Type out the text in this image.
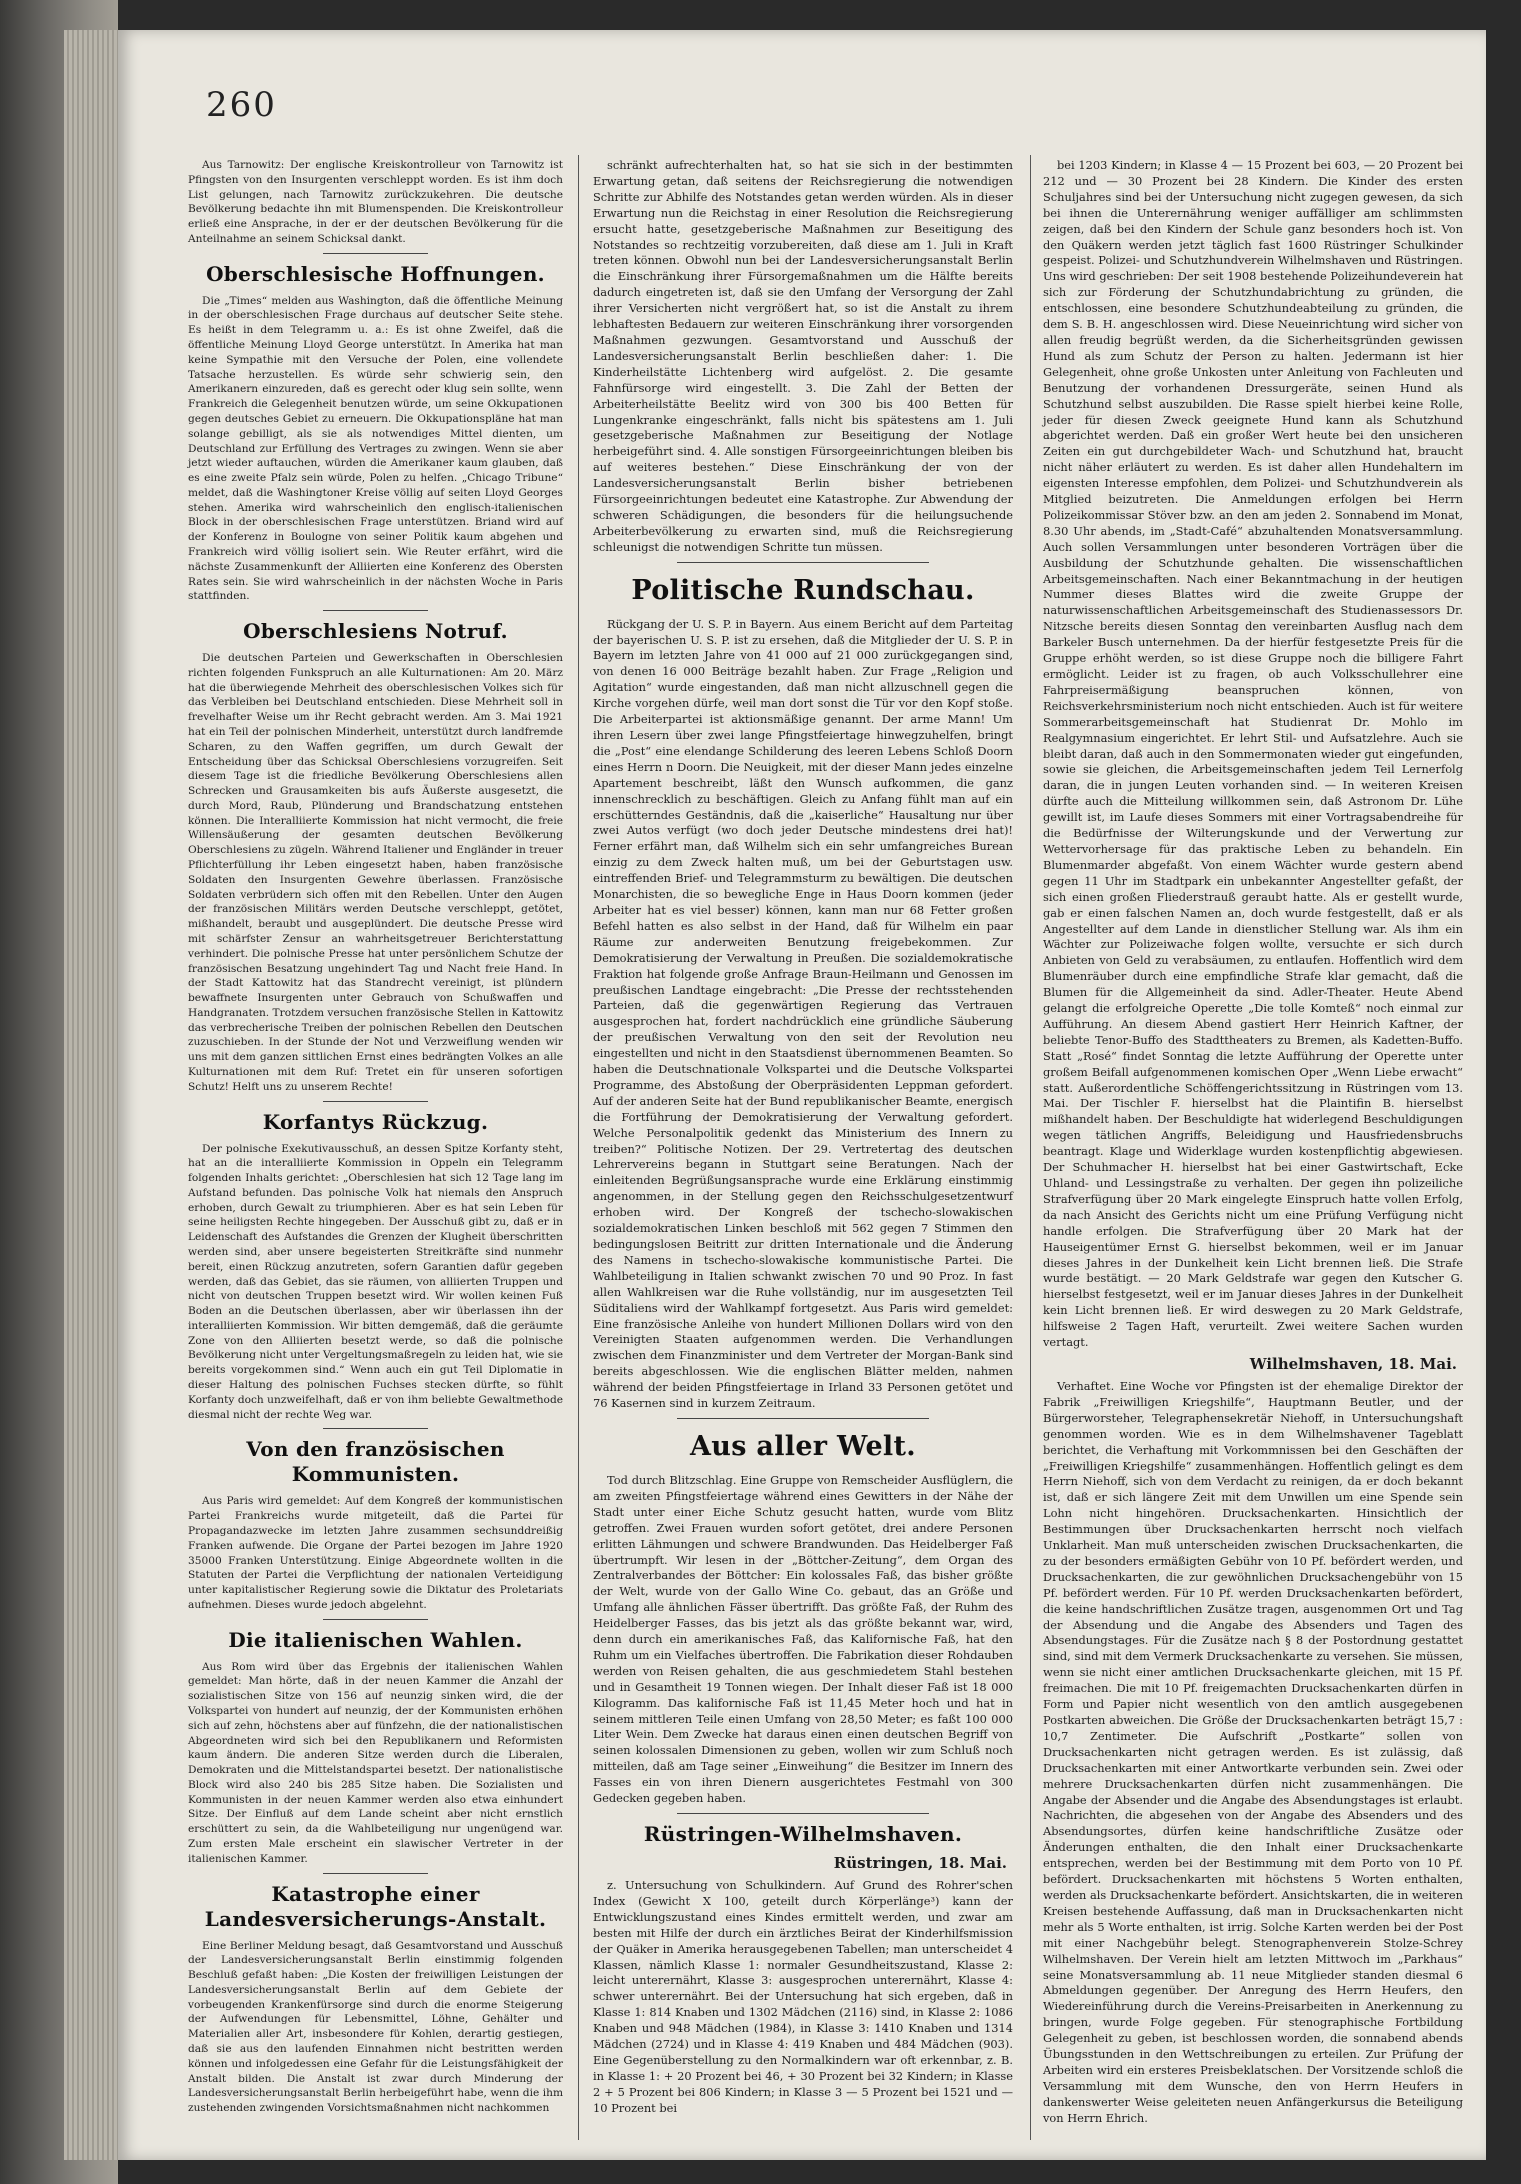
260

Aus Tarnowitz: Der englische Kreiskontrolleur von Tarnowitz ist Pfingsten von den Insurgenten verschleppt worden. Es ist ihm doch List gelungen, nach Tarnowitz zurückzukehren. Die deutsche Bevölkerung bedachte ihn mit Blumenspenden. Die Kreiskontrolleur erließ eine Ansprache, in der er der deutschen Bevölkerung für die Anteilnahme an seinem Schicksal dankt.

Oberschlesische Hoffnungen.

Die „Times“ melden aus Washington, daß die öffentliche Meinung in der oberschlesischen Frage durchaus auf deutscher Seite stehe. Es heißt in dem Telegramm u. a.: Es ist ohne Zweifel, daß die öffentliche Meinung Lloyd George unterstützt. In Amerika hat man keine Sympathie mit den Versuche der Polen, eine vollendete Tatsache herzustellen. Es würde sehr schwierig sein, den Amerikanern einzureden, daß es gerecht oder klug sein sollte, wenn Frankreich die Gelegenheit benutzen würde, um seine Okkupationen gegen deutsches Gebiet zu erneuern. Die Okkupationspläne hat man solange gebilligt, als sie als notwendiges Mittel dienten, um Deutschland zur Erfüllung des Vertrages zu zwingen. Wenn sie aber jetzt wieder auftauchen, würden die Amerikaner kaum glauben, daß es eine zweite Pfalz sein würde, Polen zu helfen. „Chicago Tribune“ meldet, daß die Washingtoner Kreise völlig auf seiten Lloyd Georges stehen. Amerika wird wahrscheinlich den englisch-italienischen Block in der oberschlesischen Frage unterstützen. Briand wird auf der Konferenz in Boulogne von seiner Politik kaum abgehen und Frankreich wird völlig isoliert sein. Wie Reuter erfährt, wird die nächste Zusammenkunft der Alliierten eine Konferenz des Obersten Rates sein. Sie wird wahrscheinlich in der nächsten Woche in Paris stattfinden.

Oberschlesiens Notruf.

Die deutschen Parteien und Gewerkschaften in Oberschlesien richten folgenden Funkspruch an alle Kulturnationen: Am 20. März hat die überwiegende Mehrheit des oberschlesischen Volkes sich für das Verbleiben bei Deutschland entschieden. Diese Mehrheit soll in frevelhafter Weise um ihr Recht gebracht werden. Am 3. Mai 1921 hat ein Teil der polnischen Minderheit, unterstützt durch landfremde Scharen, zu den Waffen gegriffen, um durch Gewalt der Entscheidung über das Schicksal Oberschlesiens vorzugreifen. Seit diesem Tage ist die friedliche Bevölkerung Oberschlesiens allen Schrecken und Grausamkeiten bis aufs Äußerste ausgesetzt, die durch Mord, Raub, Plünderung und Brandschatzung entstehen können. Die Interalliierte Kommission hat nicht vermocht, die freie Willensäußerung der gesamten deutschen Bevölkerung Oberschlesiens zu zügeln. Während Italiener und Engländer in treuer Pflichterfüllung ihr Leben eingesetzt haben, haben französische Soldaten den Insurgenten Gewehre überlassen. Französische Soldaten verbrüdern sich offen mit den Rebellen. Unter den Augen der französischen Militärs werden Deutsche verschleppt, getötet, mißhandelt, beraubt und ausgeplündert. Die deutsche Presse wird mit schärfster Zensur an wahrheitsgetreuer Berichterstattung verhindert. Die polnische Presse hat unter persönlichem Schutze der französischen Besatzung ungehindert Tag und Nacht freie Hand. In der Stadt Kattowitz hat das Standrecht vereinigt, ist plündern bewaffnete Insurgenten unter Gebrauch von Schußwaffen und Handgranaten. Trotzdem versuchen französische Stellen in Kattowitz das verbrecherische Treiben der polnischen Rebellen den Deutschen zuzuschieben. In der Stunde der Not und Verzweiflung wenden wir uns mit dem ganzen sittlichen Ernst eines bedrängten Volkes an alle Kulturnationen mit dem Ruf: Tretet ein für unseren sofortigen Schutz! Helft uns zu unserem Rechte!

Korfantys Rückzug.

Der polnische Exekutivausschuß, an dessen Spitze Korfanty steht, hat an die interalliierte Kommission in Oppeln ein Telegramm folgenden Inhalts gerichtet: „Oberschlesien hat sich 12 Tage lang im Aufstand befunden. Das polnische Volk hat niemals den Anspruch erhoben, durch Gewalt zu triumphieren. Aber es hat sein Leben für seine heiligsten Rechte hingegeben. Der Ausschuß gibt zu, daß er in Leidenschaft des Aufstandes die Grenzen der Klugheit überschritten werden sind, aber unsere begeisterten Streitkräfte sind nunmehr bereit, einen Rückzug anzutreten, sofern Garantien dafür gegeben werden, daß das Gebiet, das sie räumen, von alliierten Truppen und nicht von deutschen Truppen besetzt wird. Wir wollen keinen Fuß Boden an die Deutschen überlassen, aber wir überlassen ihn der interalliierten Kommission. Wir bitten demgemäß, daß die geräumte Zone von den Alliierten besetzt werde, so daß die polnische Bevölkerung nicht unter Vergeltungsmaßregeln zu leiden hat, wie sie bereits vorgekommen sind.“ Wenn auch ein gut Teil Diplomatie in dieser Haltung des polnischen Fuchses stecken dürfte, so fühlt Korfanty doch unzweifelhaft, daß er von ihm beliebte Gewaltmethode diesmal nicht der rechte Weg war.

Von den französischen Kommunisten.

Aus Paris wird gemeldet: Auf dem Kongreß der kommunistischen Partei Frankreichs wurde mitgeteilt, daß die Partei für Propagandazwecke im letzten Jahre zusammen sechsunddreißig Franken aufwende. Die Organe der Partei bezogen im Jahre 1920 35000 Franken Unterstützung. Einige Abgeordnete wollten in die Statuten der Partei die Verpflichtung der nationalen Verteidigung unter kapitalistischer Regierung sowie die Diktatur des Proletariats aufnehmen. Dieses wurde jedoch abgelehnt.

Die italienischen Wahlen.

Aus Rom wird über das Ergebnis der italienischen Wahlen gemeldet: Man hörte, daß in der neuen Kammer die Anzahl der sozialistischen Sitze von 156 auf neunzig sinken wird, die der Volkspartei von hundert auf neunzig, der der Kommunisten erhöhen sich auf zehn, höchstens aber auf fünfzehn, die der nationalistischen Abgeordneten wird sich bei den Republikanern und Reformisten kaum ändern. Die anderen Sitze werden durch die Liberalen, Demokraten und die Mittelstandspartei besetzt. Der nationalistische Block wird also 240 bis 285 Sitze haben. Die Sozialisten und Kommunisten in der neuen Kammer werden also etwa einhundert Sitze. Der Einfluß auf dem Lande scheint aber nicht ernstlich erschüttert zu sein, da die Wahlbeteiligung nur ungenügend war. Zum ersten Male erscheint ein slawischer Vertreter in der italienischen Kammer.

Katastrophe einer Landesversicherungs-Anstalt.

Eine Berliner Meldung besagt, daß Gesamtvorstand und Ausschuß der Landesversicherungsanstalt Berlin einstimmig folgenden Beschluß gefaßt haben: „Die Kosten der freiwilligen Leistungen der Landesversicherungsanstalt Berlin auf dem Gebiete der vorbeugenden Krankenfürsorge sind durch die enorme Steigerung der Aufwendungen für Lebensmittel, Löhne, Gehälter und Materialien aller Art, insbesondere für Kohlen, derartig gestiegen, daß sie aus den laufenden Einnahmen nicht bestritten werden können und infolgedessen eine Gefahr für die Leistungsfähigkeit der Anstalt bilden. Die Anstalt ist zwar durch Minderung der Landesversicherungsanstalt Berlin herbeigeführt habe, wenn die ihm zustehenden zwingenden Vorsichtsmaßnahmen nicht nachkommen

schränkt aufrechterhalten hat, so hat sie sich in der bestimmten Erwartung getan, daß seitens der Reichsregierung die notwendigen Schritte zur Abhilfe des Notstandes getan werden würden. Als in dieser Erwartung nun die Reichstag in einer Resolution die Reichsregierung ersucht hatte, gesetzgeberische Maßnahmen zur Beseitigung des Notstandes so rechtzeitig vorzubereiten, daß diese am 1. Juli in Kraft treten können. Obwohl nun bei der Landesversicherungsanstalt Berlin die Einschränkung ihrer Fürsorgemaßnahmen um die Hälfte bereits dadurch eingetreten ist, daß sie den Umfang der Versorgung der Zahl ihrer Versicherten nicht vergrößert hat, so ist die Anstalt zu ihrem lebhaftesten Bedauern zur weiteren Einschränkung ihrer vorsorgenden Maßnahmen gezwungen. Gesamtvorstand und Ausschuß der Landesversicherungsanstalt Berlin beschließen daher: 1. Die Kinderheilstätte Lichtenberg wird aufgelöst. 2. Die gesamte Fahnfürsorge wird eingestellt. 3. Die Zahl der Betten der Arbeiterheilstätte Beelitz wird von 300 bis 400 Betten für Lungenkranke eingeschränkt, falls nicht bis spätestens am 1. Juli gesetzgeberische Maßnahmen zur Beseitigung der Notlage herbeigeführt sind. 4. Alle sonstigen Fürsorgeeinrichtungen bleiben bis auf weiteres bestehen.“ Diese Einschränkung der von der Landesversicherungsanstalt Berlin bisher betriebenen Fürsorgeeinrichtungen bedeutet eine Katastrophe. Zur Abwendung der schweren Schädigungen, die besonders für die heilungsuchende Arbeiterbevölkerung zu erwarten sind, muß die Reichsregierung schleunigst die notwendigen Schritte tun müssen.

Politische Rundschau.

Rückgang der U. S. P. in Bayern. Aus einem Bericht auf dem Parteitag der bayerischen U. S. P. ist zu ersehen, daß die Mitglieder der U. S. P. in Bayern im letzten Jahre von 41 000 auf 21 000 zurückgegangen sind, von denen 16 000 Beiträge bezahlt haben. Zur Frage „Religion und Agitation“ wurde eingestanden, daß man nicht allzuschnell gegen die Kirche vorgehen dürfe, weil man dort sonst die Tür vor den Kopf stoße. Die Arbeiterpartei ist aktionsmäßige genannt. Der arme Mann! Um ihren Lesern über zwei lange Pfingstfeiertage hinwegzuhelfen, bringt die „Post“ eine elendange Schilderung des leeren Lebens Schloß Doorn eines Herrn n Doorn. Die Neuigkeit, mit der dieser Mann jedes einzelne Apartement beschreibt, läßt den Wunsch aufkommen, die ganz innenschrecklich zu beschäftigen. Gleich zu Anfang fühlt man auf ein erschütterndes Geständnis, daß die „kaiserliche“ Hausaltung nur über zwei Autos verfügt (wo doch jeder Deutsche mindestens drei hat)! Ferner erfährt man, daß Wilhelm sich ein sehr umfangreiches Burean einzig zu dem Zweck halten muß, um bei der Geburtstagen usw. eintreffenden Brief- und Telegrammsturm zu bewältigen. Die deutschen Monarchisten, die so bewegliche Enge in Haus Doorn kommen (jeder Arbeiter hat es viel besser) können, kann man nur 68 Fetter großen Befehl hatten es also selbst in der Hand, daß für Wilhelm ein paar Räume zur anderweiten Benutzung freigebekommen. Zur Demokratisierung der Verwaltung in Preußen. Die sozialdemokratische Fraktion hat folgende große Anfrage Braun-Heilmann und Genossen im preußischen Landtage eingebracht: „Die Presse der rechtsstehenden Parteien, daß die gegenwärtigen Regierung das Vertrauen ausgesprochen hat, fordert nachdrücklich eine gründliche Säuberung der preußischen Verwaltung von den seit der Revolution neu eingestellten und nicht in den Staatsdienst übernommenen Beamten. So haben die Deutschnationale Volkspartei und die Deutsche Volkspartei Programme, des Abstoßung der Oberpräsidenten Leppman gefordert. Auf der anderen Seite hat der Bund republikanischer Beamte, energisch die Fortführung der Demokratisierung der Verwaltung gefordert. Welche Personalpolitik gedenkt das Ministerium des Innern zu treiben?“ Politische Notizen. Der 29. Vertretertag des deutschen Lehrervereins begann in Stuttgart seine Beratungen. Nach der einleitenden Begrüßungsansprache wurde eine Erklärung einstimmig angenommen, in der Stellung gegen den Reichsschulgesetzentwurf erhoben wird. Der Kongreß der tschecho-slowakischen sozialdemokratischen Linken beschloß mit 562 gegen 7 Stimmen den bedingungslosen Beitritt zur dritten Internationale und die Änderung des Namens in tschecho-slowakische kommunistische Partei. Die Wahlbeteiligung in Italien schwankt zwischen 70 und 90 Proz. In fast allen Wahlkreisen war die Ruhe vollständig, nur im ausgesetzten Teil Süditaliens wird der Wahlkampf fortgesetzt. Aus Paris wird gemeldet: Eine französische Anleihe von hundert Millionen Dollars wird von den Vereinigten Staaten aufgenommen werden. Die Verhandlungen zwischen dem Finanzminister und dem Vertreter der Morgan-Bank sind bereits abgeschlossen. Wie die englischen Blätter melden, nahmen während der beiden Pfingstfeiertage in Irland 33 Personen getötet und 76 Kasernen sind in kurzem Zeitraum.

Aus aller Welt.

Tod durch Blitzschlag. Eine Gruppe von Remscheider Ausflüglern, die am zweiten Pfingstfeiertage während eines Gewitters in der Nähe der Stadt unter einer Eiche Schutz gesucht hatten, wurde vom Blitz getroffen. Zwei Frauen wurden sofort getötet, drei andere Personen erlitten Lähmungen und schwere Brandwunden. Das Heidelberger Faß übertrumpft. Wir lesen in der „Böttcher-Zeitung“, dem Organ des Zentralverbandes der Böttcher: Ein kolossales Faß, das bisher größte der Welt, wurde von der Gallo Wine Co. gebaut, das an Größe und Umfang alle ähnlichen Fässer übertrifft. Das größte Faß, der Ruhm des Heidelberger Fasses, das bis jetzt als das größte bekannt war, wird, denn durch ein amerikanisches Faß, das Kalifornische Faß, hat den Ruhm um ein Vielfaches übertroffen. Die Fabrikation dieser Rohdauben werden von Reisen gehalten, die aus geschmiedetem Stahl bestehen und in Gesamtheit 19 Tonnen wiegen. Der Inhalt dieser Faß ist 18 000 Kilogramm. Das kalifornische Faß ist 11,45 Meter hoch und hat in seinem mittleren Teile einen Umfang von 28,50 Meter; es faßt 100 000 Liter Wein. Dem Zwecke hat daraus einen einen deutschen Begriff von seinen kolossalen Dimensionen zu geben, wollen wir zum Schluß noch mitteilen, daß am Tage seiner „Einweihung“ die Besitzer im Innern des Fasses ein von ihren Dienern ausgerichtetes Festmahl von 300 Gedecken gegeben haben.

Rüstringen-Wilhelmshaven.
Rüstringen, 18. Mai.

z. Untersuchung von Schulkindern. Auf Grund des Rohrer'schen Index (Gewicht X 100, geteilt durch Körperlänge³) kann der Entwicklungszustand eines Kindes ermittelt werden, und zwar am besten mit Hilfe der durch ein ärztliches Beirat der Kinderhilfsmission der Quäker in Amerika herausgegebenen Tabellen; man unterscheidet 4 Klassen, nämlich Klasse 1: normaler Gesundheitszustand, Klasse 2: leicht unterernährt, Klasse 3: ausgesprochen unterernährt, Klasse 4: schwer unterernährt. Bei der Untersuchung hat sich ergeben, daß in Klasse 1: 814 Knaben und 1302 Mädchen (2116) sind, in Klasse 2: 1086 Knaben und 948 Mädchen (1984), in Klasse 3: 1410 Knaben und 1314 Mädchen (2724) und in Klasse 4: 419 Knaben und 484 Mädchen (903). Eine Gegenüberstellung zu den Normalkindern war oft erkennbar, z. B. in Klasse 1: + 20 Prozent bei 46, + 30 Prozent bei 32 Kindern; in Klasse 2 + 5 Prozent bei 806 Kindern; in Klasse 3 — 5 Prozent bei 1521 und — 10 Prozent bei

bei 1203 Kindern; in Klasse 4 — 15 Prozent bei 603, — 20 Prozent bei 212 und — 30 Prozent bei 28 Kindern. Die Kinder des ersten Schuljahres sind bei der Untersuchung nicht zugegen gewesen, da sich bei ihnen die Unterernährung weniger auffälliger am schlimmsten zeigen, daß bei den Kindern der Schule ganz besonders hoch ist. Von den Quäkern werden jetzt täglich fast 1600 Rüstringer Schulkinder gespeist. Polizei- und Schutzhundverein Wilhelmshaven und Rüstringen. Uns wird geschrieben: Der seit 1908 bestehende Polizeihundeverein hat sich zur Förderung der Schutzhundabrichtung zu gründen, die entschlossen, eine besondere Schutzhundeabteilung zu gründen, die dem S. B. H. angeschlossen wird. Diese Neueinrichtung wird sicher von allen freudig begrüßt werden, da die Sicherheitsgründen gewissen Hund als zum Schutz der Person zu halten. Jedermann ist hier Gelegenheit, ohne große Unkosten unter Anleitung von Fachleuten und Benutzung der vorhandenen Dressurgeräte, seinen Hund als Schutzhund selbst auszubilden. Die Rasse spielt hierbei keine Rolle, jeder für diesen Zweck geeignete Hund kann als Schutzhund abgerichtet werden. Daß ein großer Wert heute bei den unsicheren Zeiten ein gut durchgebildeter Wach- und Schutzhund hat, braucht nicht näher erläutert zu werden. Es ist daher allen Hundehaltern im eigensten Interesse empfohlen, dem Polizei- und Schutzhundverein als Mitglied beizutreten. Die Anmeldungen erfolgen bei Herrn Polizeikommissar Stöver bzw. an den am jeden 2. Sonnabend im Monat, 8.30 Uhr abends, im „Stadt-Café“ abzuhaltenden Monatsversammlung. Auch sollen Versammlungen unter besonderen Vorträgen über die Ausbildung der Schutzhunde gehalten. Die wissenschaftlichen Arbeitsgemeinschaften. Nach einer Bekanntmachung in der heutigen Nummer dieses Blattes wird die zweite Gruppe der naturwissenschaftlichen Arbeitsgemeinschaft des Studienassessors Dr. Nitzsche bereits diesen Sonntag den vereinbarten Ausflug nach dem Barkeler Busch unternehmen. Da der hierfür festgesetzte Preis für die Gruppe erhöht werden, so ist diese Gruppe noch die billigere Fahrt ermöglicht. Leider ist zu fragen, ob auch Volksschullehrer eine Fahrpreisermäßigung beanspruchen können, von Reichsverkehrsministerium noch nicht entschieden. Auch ist für weitere Sommerarbeitsgemeinschaft hat Studienrat Dr. Mohlo im Realgymnasium eingerichtet. Er lehrt Stil- und Aufsatzlehre. Auch sie bleibt daran, daß auch in den Sommermonaten wieder gut eingefunden, sowie sie gleichen, die Arbeitsgemeinschaften jedem Teil Lernerfolg daran, die in jungen Leuten vorhanden sind. — In weiteren Kreisen dürfte auch die Mitteilung willkommen sein, daß Astronom Dr. Lühe gewillt ist, im Laufe dieses Sommers mit einer Vortragsabendreihe für die Bedürfnisse der Wilterungskunde und der Verwertung zur Wettervorhersage für das praktische Leben zu behandeln. Ein Blumenmarder abgefaßt. Von einem Wächter wurde gestern abend gegen 11 Uhr im Stadtpark ein unbekannter Angestellter gefaßt, der sich einen großen Fliederstrauß geraubt hatte. Als er gestellt wurde, gab er einen falschen Namen an, doch wurde festgestellt, daß er als Angestellter auf dem Lande in dienstlicher Stellung war. Als ihm ein Wächter zur Polizeiwache folgen wollte, versuchte er sich durch Anbieten von Geld zu verabsäumen, zu entlaufen. Hoffentlich wird dem Blumenräuber durch eine empfindliche Strafe klar gemacht, daß die Blumen für die Allgemeinheit da sind. Adler-Theater. Heute Abend gelangt die erfolgreiche Operette „Die tolle Komteß“ noch einmal zur Aufführung. An diesem Abend gastiert Herr Heinrich Kaftner, der beliebte Tenor-Buffo des Stadttheaters zu Bremen, als Kadetten-Buffo. Statt „Rosé“ findet Sonntag die letzte Aufführung der Operette unter großem Beifall aufgenommenen komischen Oper „Wenn Liebe erwacht“ statt. Außerordentliche Schöffengerichtssitzung in Rüstringen vom 13. Mai. Der Tischler F. hierselbst hat die Plaintifin B. hierselbst mißhandelt haben. Der Beschuldigte hat widerlegend Beschuldigungen wegen tätlichen Angriffs, Beleidigung und Hausfriedensbruchs beantragt. Klage und Widerklage wurden kostenpflichtig abgewiesen. Der Schuhmacher H. hierselbst hat bei einer Gastwirtschaft, Ecke Uhland- und Lessingstraße zu verhalten. Der gegen ihn polizeiliche Strafverfügung über 20 Mark eingelegte Einspruch hatte vollen Erfolg, da nach Ansicht des Gerichts nicht um eine Prüfung Verfügung nicht handle erfolgen. Die Strafverfügung über 20 Mark hat der Hauseigentümer Ernst G. hierselbst bekommen, weil er im Januar dieses Jahres in der Dunkelheit kein Licht brennen ließ. Die Strafe wurde bestätigt. — 20 Mark Geldstrafe war gegen den Kutscher G. hierselbst festgesetzt, weil er im Januar dieses Jahres in der Dunkelheit kein Licht brennen ließ. Er wird deswegen zu 20 Mark Geldstrafe, hilfsweise 2 Tagen Haft, verurteilt. Zwei weitere Sachen wurden vertagt.

Wilhelmshaven, 18. Mai.

Verhaftet. Eine Woche vor Pfingsten ist der ehemalige Direktor der Fabrik „Freiwilligen Kriegshilfe“, Hauptmann Beutler, und der Bürgerworsteher, Telegraphensekretär Niehoff, in Untersuchungshaft genommen worden. Wie es in dem Wilhelmshavener Tageblatt berichtet, die Verhaftung mit Vorkommnissen bei den Geschäften der „Freiwilligen Kriegshilfe“ zusammenhängen. Hoffentlich gelingt es dem Herrn Niehoff, sich von dem Verdacht zu reinigen, da er doch bekannt ist, daß er sich längere Zeit mit dem Unwillen um eine Spende sein Lohn nicht hingehören. Drucksachenkarten. Hinsichtlich der Bestimmungen über Drucksachenkarten herrscht noch vielfach Unklarheit. Man muß unterscheiden zwischen Drucksachenkarten, die zu der besonders ermäßigten Gebühr von 10 Pf. befördert werden, und Drucksachenkarten, die zur gewöhnlichen Drucksachengebühr von 15 Pf. befördert werden. Für 10 Pf. werden Drucksachenkarten befördert, die keine handschriftlichen Zusätze tragen, ausgenommen Ort und Tag der Absendung und die Angabe des Absenders und Tagen des Absendungstages. Für die Zusätze nach § 8 der Postordnung gestattet sind, sind mit dem Vermerk Drucksachenkarte zu versehen. Sie müssen, wenn sie nicht einer amtlichen Drucksachenkarte gleichen, mit 15 Pf. freimachen. Die mit 10 Pf. freigemachten Drucksachenkarten dürfen in Form und Papier nicht wesentlich von den amtlich ausgegebenen Postkarten abweichen. Die Größe der Drucksachenkarten beträgt 15,7 : 10,7 Zentimeter. Die Aufschrift „Postkarte“ sollen von Drucksachenkarten nicht getragen werden. Es ist zulässig, daß Drucksachenkarten mit einer Antwortkarte verbunden sein. Zwei oder mehrere Drucksachenkarten dürfen nicht zusammenhängen. Die Angabe der Absender und die Angabe des Absendungstages ist erlaubt. Nachrichten, die abgesehen von der Angabe des Absenders und des Absendungsortes, dürfen keine handschriftliche Zusätze oder Änderungen enthalten, die den Inhalt einer Drucksachenkarte entsprechen, werden bei der Bestimmung mit dem Porto von 10 Pf. befördert. Drucksachenkarten mit höchstens 5 Worten enthalten, werden als Drucksachenkarte befördert. Ansichtskarten, die in weiteren Kreisen bestehende Auffassung, daß man in Drucksachenkarten nicht mehr als 5 Worte enthalten, ist irrig. Solche Karten werden bei der Post mit einer Nachgebühr belegt. Stenographenverein Stolze-Schrey Wilhelmshaven. Der Verein hielt am letzten Mittwoch im „Parkhaus“ seine Monatsversammlung ab. 11 neue Mitglieder standen diesmal 6 Abmeldungen gegenüber. Der Anregung des Herrn Heufers, den Wiedereinführung durch die Vereins-Preisarbeiten in Anerkennung zu bringen, wurde Folge gegeben. Für stenographische Fortbildung Gelegenheit zu geben, ist beschlossen worden, die sonnabend abends Übungsstunden in den Wettschreibungen zu erteilen. Zur Prüfung der Arbeiten wird ein ersteres Preisbeklatschen. Der Vorsitzende schloß die Versammlung mit dem Wunsche, den von Herrn Heufers in dankenswerter Weise geleiteten neuen Anfängerkursus die Beteiligung von Herrn Ehrich.
